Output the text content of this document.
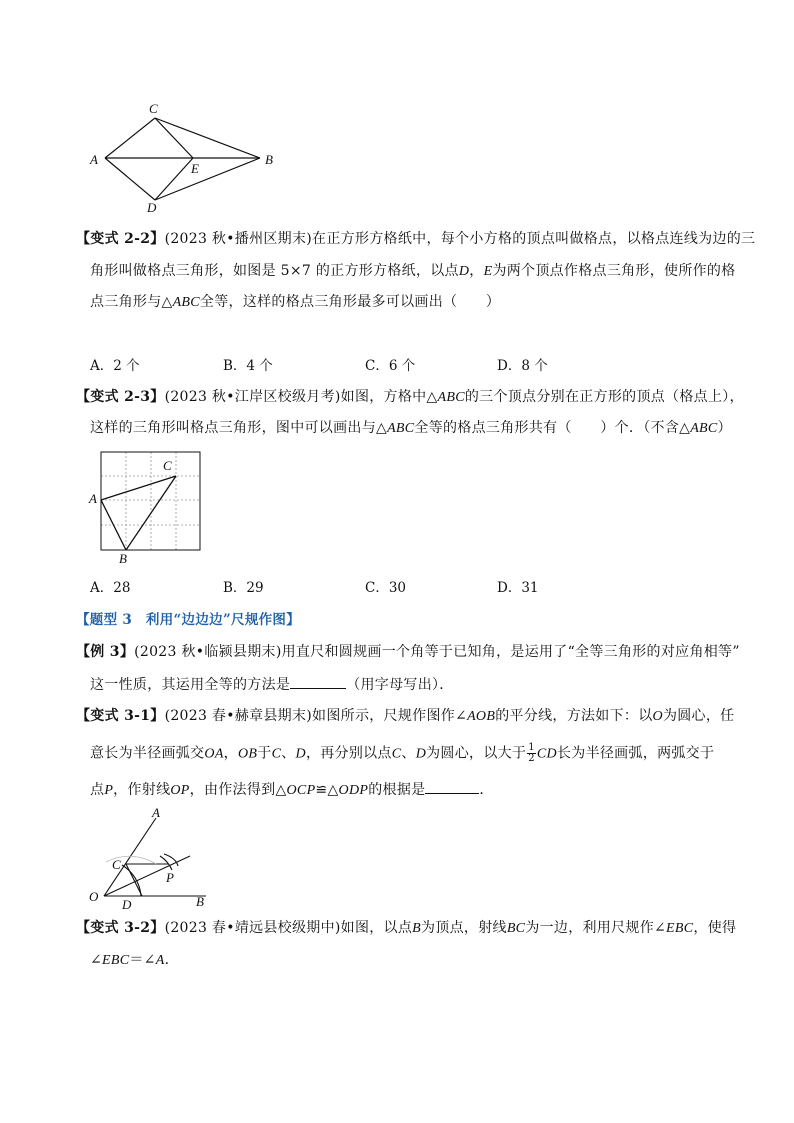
A
C
B
E
D
【变式 2-2】(2023 秋•播州区期末)在正方形方格纸中，每个小方格的顶点叫做格点，以格点连线为边的三
角形叫做格点三角形，如图是 5×7 的正方形方格纸，以点D，E为两个顶点作格点三角形，使所作的格
点三角形与△ABC全等，这样的格点三角形最多可以画出（　　）
A．2 个	B．4 个	C．6 个	D．8 个
【变式 2-3】(2023 秋•江岸区校级月考)如图，方格中△ABC的三个顶点分别在正方形的顶点（格点上），
这样的三角形叫格点三角形，图中可以画出与△ABC全等的格点三角形共有（　　）个．（不含△ABC）
A
C
B
A．28	B．29	C．30	D．31
【题型 3　利用“边边边”尺规作图】
【例 3】(2023 秋•临颍县期末)用直尺和圆规画一个角等于已知角，是运用了“全等三角形的对应角相等”
这一性质，其运用全等的方法是	（用字母写出）．
【变式 3-1】(2023 春•赫章县期末)如图所示，尺规作图作∠AOB的平分线，方法如下：以O为圆心，任
意长为半径画弧交OA，OB于C、D，再分别以点C、D为圆心，以大于 $\frac{1}{2}$ CD长为半径画弧，两弧交于
点P，作射线OP，由作法得到△OCP≌△ODP的根据是	．
A
C
P
O
D	B
【变式 3-2】(2023 春•靖远县校级期中)如图，以点B为顶点，射线BC为一边，利用尺规作∠EBC，使得
∠EBC＝∠A．
